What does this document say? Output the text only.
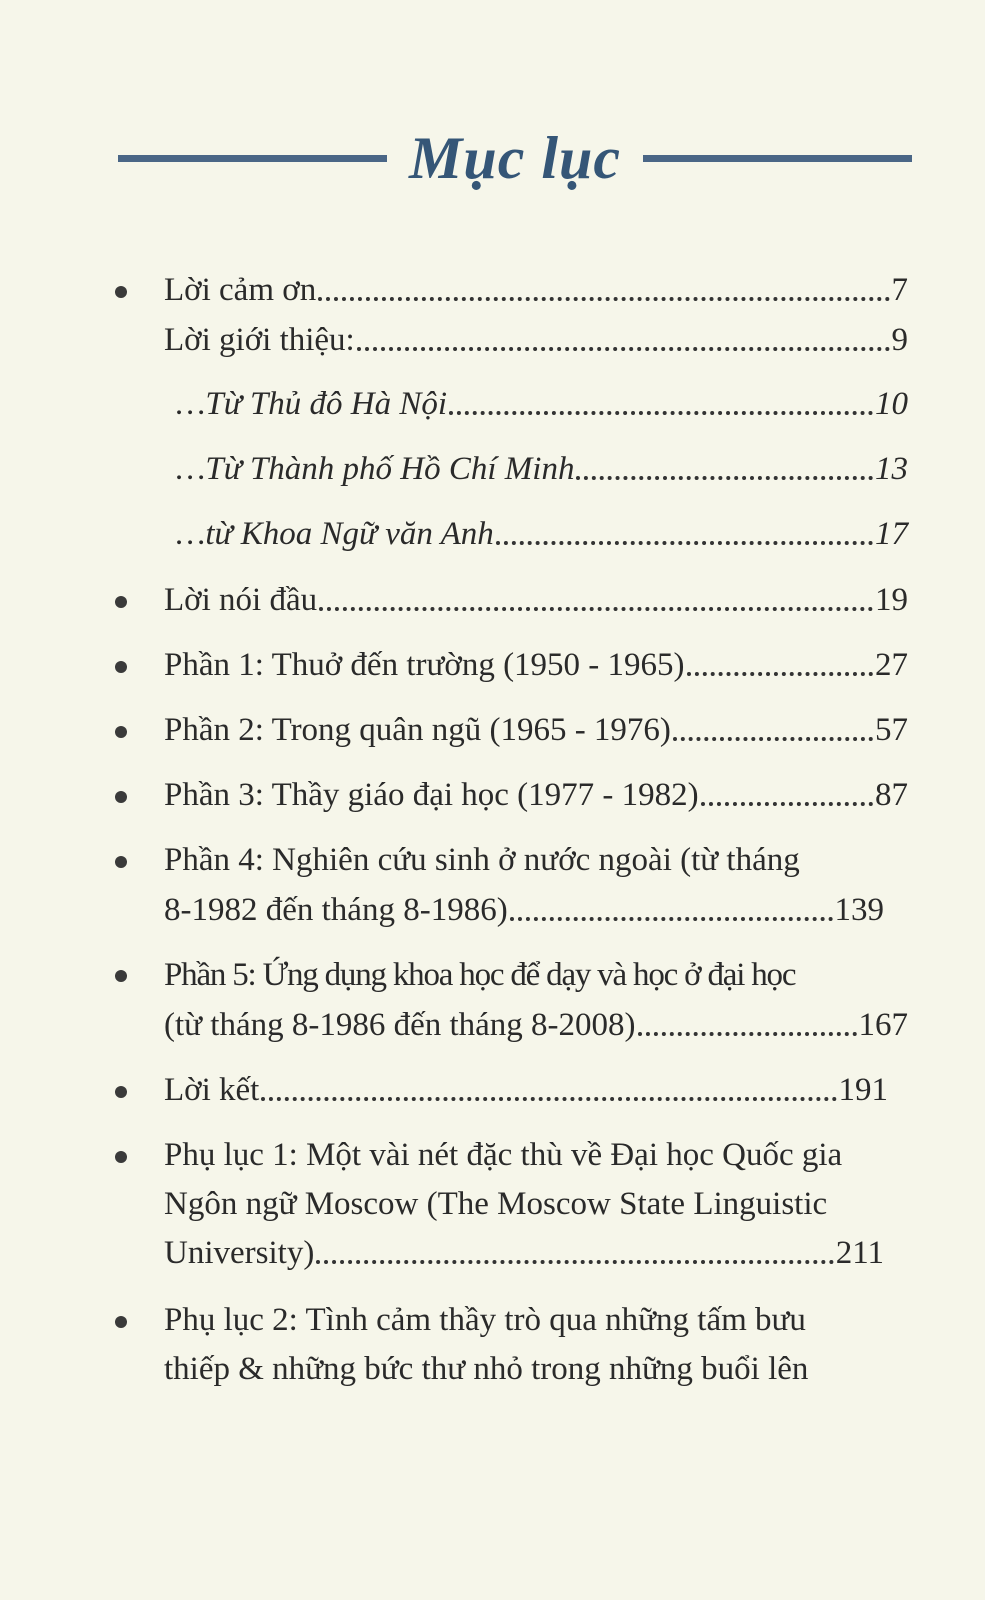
Mục lục
Lời cảm ơn	7
Lời giới thiệu:	9
…Từ Thủ đô Hà Nội	10
…Từ Thành phố Hồ Chí Minh	13
…từ Khoa Ngữ văn Anh	17
Lời nói đầu	19
Phần 1: Thuở đến trường (1950 - 1965)	27
Phần 2: Trong quân ngũ (1965 - 1976)	57
Phần 3: Thầy giáo đại học (1977 - 1982)	87
Phần 4: Nghiên cứu sinh ở nước ngoài (từ tháng
8-1982 đến tháng 8-1986)	139
Phần 5: Ứng dụng khoa học để dạy và học ở đại học
(từ tháng 8-1986 đến tháng 8-2008)	167
Lời kết	191
Phụ lục 1: Một vài nét đặc thù về Đại học Quốc gia
Ngôn ngữ Moscow (The Moscow State Linguistic
University)	211
Phụ lục 2: Tình cảm thầy trò qua những tấm bưu
thiếp & những bức thư nhỏ trong những buổi lên
